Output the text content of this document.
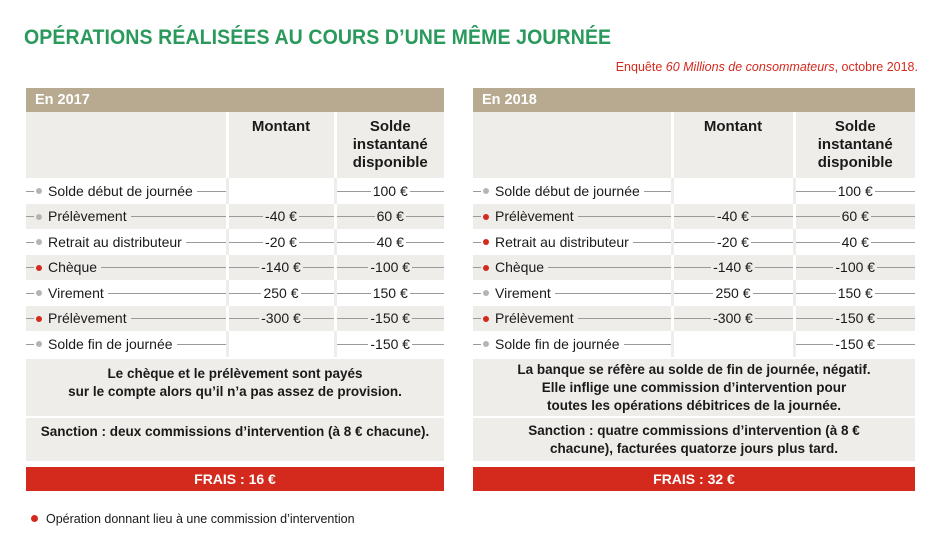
OPÉRATIONS RÉALISÉES AU COURS D’UNE MÊME JOURNÉE
Enquête 60 Millions de consommateurs, octobre 2018.
En 2017
	Montant	Solde
instantané
disponible
Solde début de journée		100 €
Prélèvement	-40 €	60 €
Retrait au distributeur	-20 €	40 €
Chèque	-140 €	-100 €
Virement	250 €	150 €
Prélèvement	-300 €	-150 €
Solde fin de journée		-150 €
Le chèque et le prélèvement sont payés
sur le compte alors qu’il n’a pas assez de provision.
Sanction : deux commissions d’intervention (à 8 € chacune).
FRAIS : 16 €
En 2018
	Montant	Solde
instantané
disponible
Solde début de journée		100 €
Prélèvement	-40 €	60 €
Retrait au distributeur	-20 €	40 €
Chèque	-140 €	-100 €
Virement	250 €	150 €
Prélèvement	-300 €	-150 €
Solde fin de journée		-150 €
La banque se réfère au solde de fin de journée, négatif.
Elle inflige une commission d’intervention pour
toutes les opérations débitrices de la journée.
Sanction : quatre commissions d’intervention (à 8 €
chacune), facturées quatorze jours plus tard.
FRAIS : 32 €
Opération donnant lieu à une commission d’intervention
